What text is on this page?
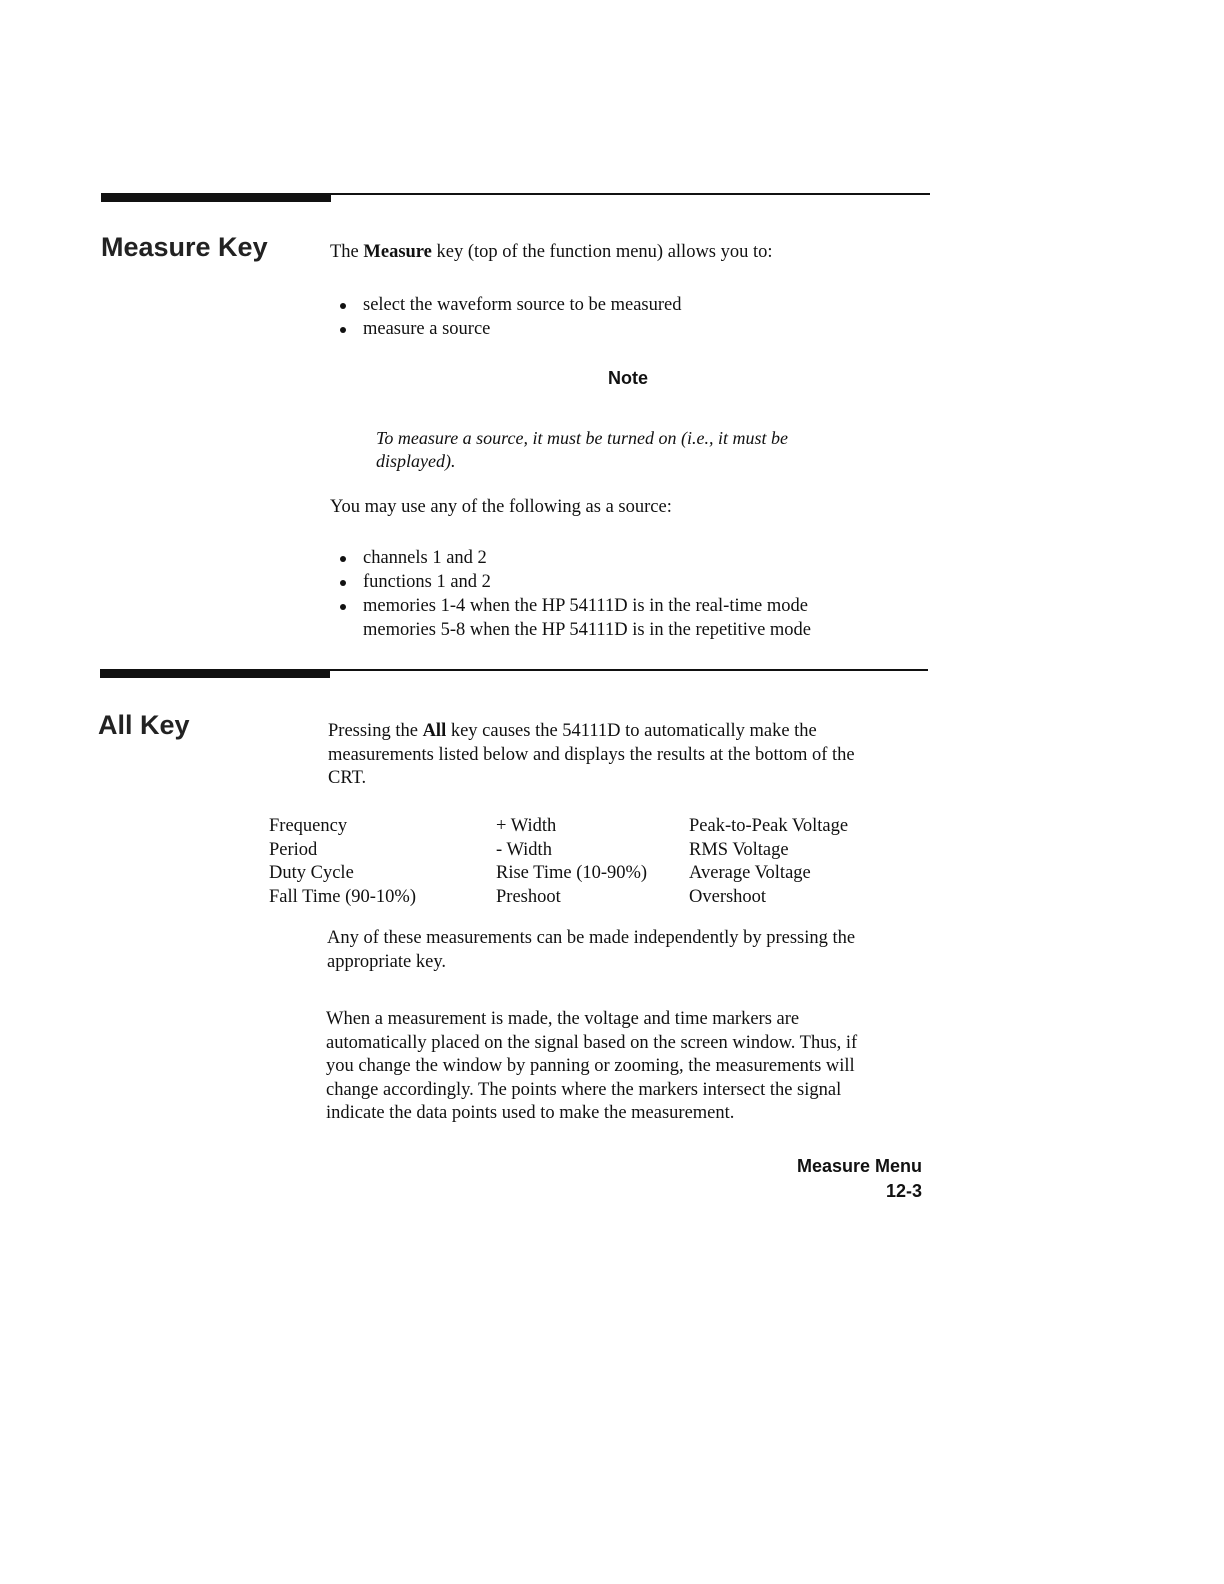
Measure Key	The Measure key (top of the function menu) allows you to:

select the waveform source to be measured
measure a source
Note

To measure a source, it must be turned on (i.e., it must be
displayed).

You may use any of the following as a source:

channels 1 and 2
functions 1 and 2
memories 1-4 when the HP 54111D is in the real-time mode
memories 5-8 when the HP 54111D is in the repetitive mode
All Key	Pressing the All key causes the 54111D to automatically make the
measurements listed below and displays the results at the bottom of the
CRT.

Frequency	+ Width	Peak-to-Peak Voltage
Period	- Width	RMS Voltage
Duty Cycle	Rise Time (10-90%)	Average Voltage
Fall Time (90-10%)	Preshoot	Overshoot

Any of these measurements can be made independently by pressing the
appropriate key.

When a measurement is made, the voltage and time markers are
automatically placed on the signal based on the screen window. Thus, if
you change the window by panning or zooming, the measurements will
change accordingly. The points where the markers intersect the signal
indicate the data points used to make the measurement.

Measure Menu
12-3
